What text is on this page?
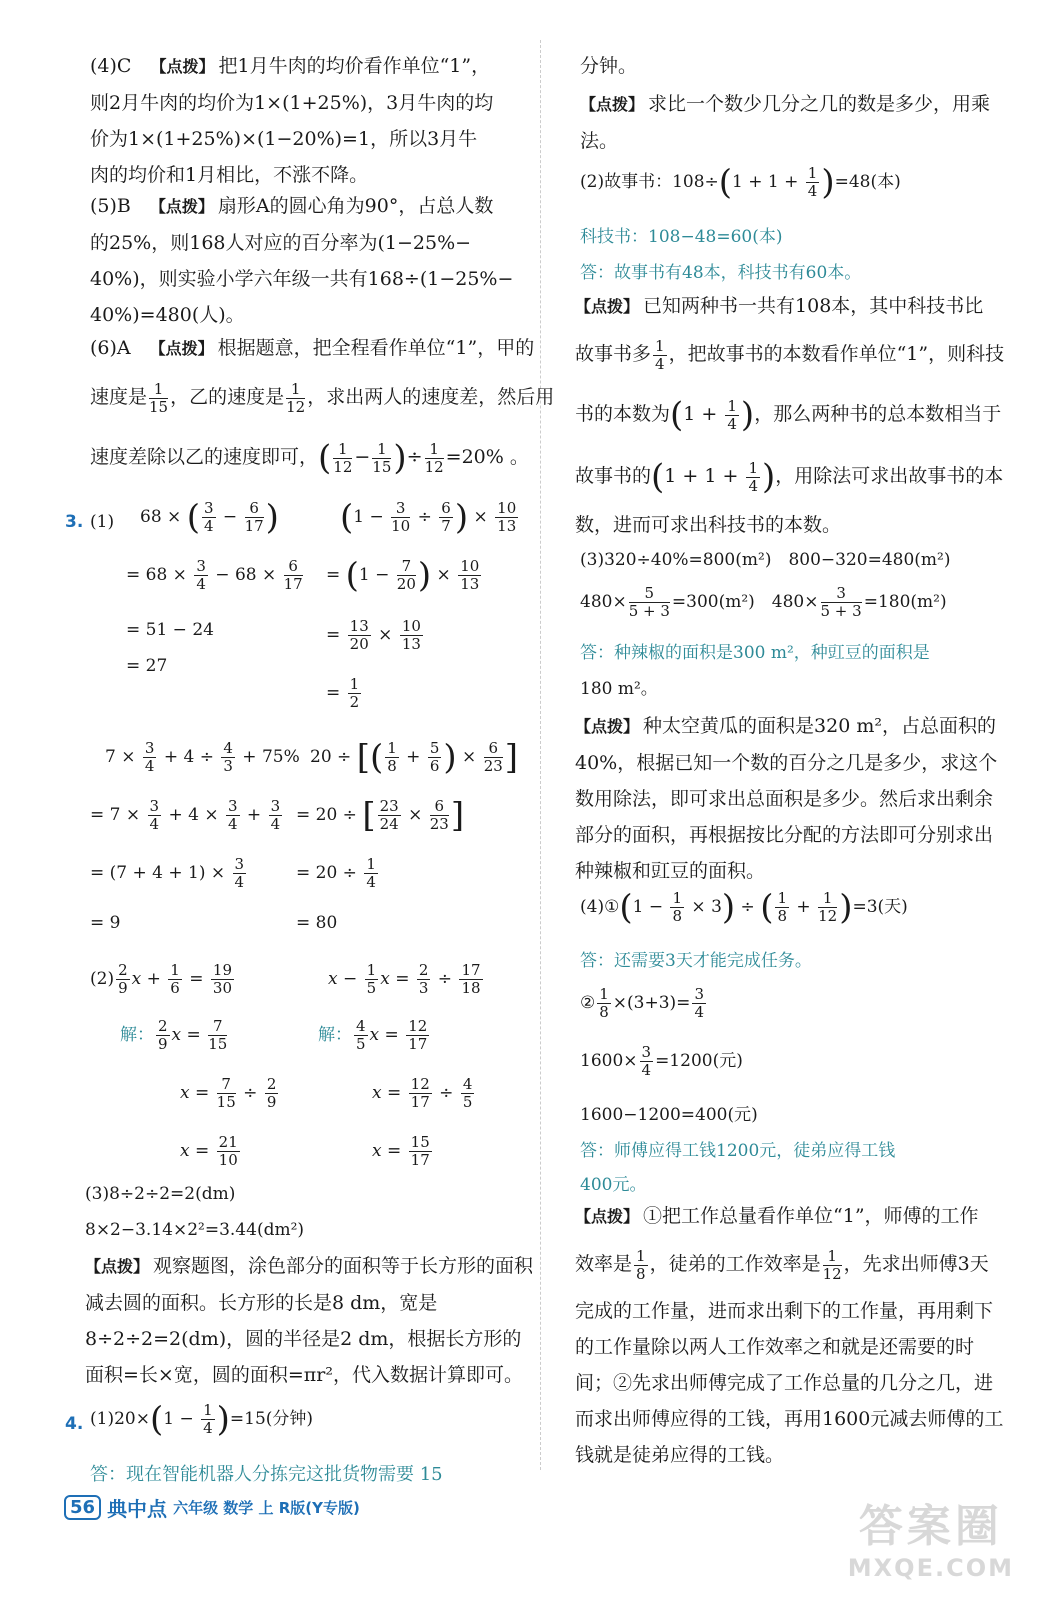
(4)C　 【点拨】 把1月牛肉的均价看作单位“1”，

则2月牛肉的均价为1×(1+25%)，3月牛肉的均

价为1×(1+25%)×(1−20%)=1，所以3月牛

肉的均价和1月相比，不涨不降。

(5)B　 【点拨】 扇形A的圆心角为90°，占总人数

的25%，则168人对应的百分率为(1−25%−

40%)，则实验小学六年级一共有168÷(1−25%−

40%)=480(人)。

(6)A　 【点拨】 根据题意，把全程看作单位“1”，甲的

速度是 $\frac{1}{15}$ ，乙的速度是 $\frac{1}{12}$ ，求出两人的速度差，然后用

速度差除以乙的速度即可，( $\frac{1}{12} - \frac{1}{15}$ )÷ $\frac{1}{12} =20\%$ 。

3. (1) 68 × ( $\frac{3}{4} - \frac{6}{17}$ )
= $68 \times \frac{3}{4} - 68 \times \frac{6}{17}$
= 51 − 24
= 27
($1 - \frac{3}{10} \div \frac{6}{7}$ ) × $\frac{10}{13}$
= ($1 - \frac{7}{20}$ ) × $\frac{10}{13}$
= $\frac{13}{20} \times \frac{10}{13}$
= $\frac{1}{2}$
$7 \times \frac{3}{4} + 4 \div \frac{4}{3} + 75\%$
= $7 \times \frac{3}{4} + 4 \times \frac{3}{4} + \frac{3}{4}$
= $(7 + 4 + 1) \times \frac{3}{4}$
= 9
20 ÷ [( $\frac{1}{8} + \frac{5}{6}$ ) × $\frac{6}{23}$ ]
= 20 ÷ [ $\frac{23}{24} \times \frac{6}{23}$ ]
= $20 \div \frac{1}{4}$
= 80
$(2) \frac{2}{9}$ $x + \frac{1}{6} = \frac{19}{30}$
解： $\frac{2}{9}$ $x = \frac{7}{15}$
$x = \frac{7}{15} \div \frac{2}{9}$
$x = \frac{21}{10}$
$x - \frac{1}{5}$ $x = \frac{2}{3} \div \frac{17}{18}$
解： $\frac{4}{5}$ $x = \frac{12}{17}$
$x = \frac{12}{17} \div \frac{4}{5}$
$x = \frac{15}{17}$

(3)8÷2÷2=2(dm)

8×2−3.14×2²=3.44(dm²)

【点拨】 观察题图，涂色部分的面积等于长方形的面积减去圆的面积。长方形的长是8 dm，宽是8÷2÷2=2(dm)，圆的半径是2 dm，根据长方形的面积=长×宽，圆的面积=πr²，代入数据计算即可。

4. $(1)20\times(1 - \frac{1}{4} )=15$(分钟)
答：现在智能机器人分拣完这批货物需要 15

分钟。

【点拨】 求比一个数少几分之几的数是多少，用乘法。

(2)故事书：$108\div(1 + 1 + \frac{1}{4} )=48$(本)
科技书：108−48=60(本)
答：故事书有48本，科技书有60本。

【点拨】 已知两种书一共有108本，其中科技书比

故事书多 $\frac{1}{4}$ ，把故事书的本数看作单位“1”，则科技

书的本数为($1 + \frac{1}{4}$ )，那么两种书的总本数相当于

故事书的($1 + 1 + \frac{1}{4}$ )，用除法可求出故事书的本

数，进而可求出科技书的本数。

(3)320÷40%=800(m²)　800−320=480(m²)
$480\times \frac{5}{5 + 3} =300(m^2)$　$480\times \frac{3}{5 + 3} =180(m^2)$
答：种辣椒的面积是300 m²，种豇豆的面积是
180 m²。

【点拨】 种太空黄瓜的面积是320 m²，占总面积的40%，根据已知一个数的百分之几是多少，求这个数用除法，即可求出总面积是多少。然后求出剩余部分的面积，再根据按比分配的方法即可分别求出种辣椒和豇豆的面积。

(4)①(1 − $\frac{1}{8} \times 3$) ÷ ( $\frac{1}{8} + \frac{1}{12} )=3$(天)
答：还需要3天才能完成任务。
② $\frac{1}{8} \times(3+3)= \frac{3}{4}$
$1600\times \frac{3}{4} =1200$(元)
1600−1200=400(元)
答：师傅应得工钱1200元，徒弟应得工钱
400元。

【点拨】 ①把工作总量看作单位“1”，师傅的工作

效率是 $\frac{1}{8}$ ，徒弟的工作效率是 $\frac{1}{12}$ ，先求出师傅3天

完成的工作量，进而求出剩下的工作量，再用剩下的工作量除以两人工作效率之和就是还需要的时间；②先求出师傅完成了工作总量的几分之几，进而求出师傅应得的工钱，再用1600元减去师傅的工钱就是徒弟应得的工钱。

56 典中点 六年级 数学 上 R版(Y专版)	答案圈
MXQE.COM
